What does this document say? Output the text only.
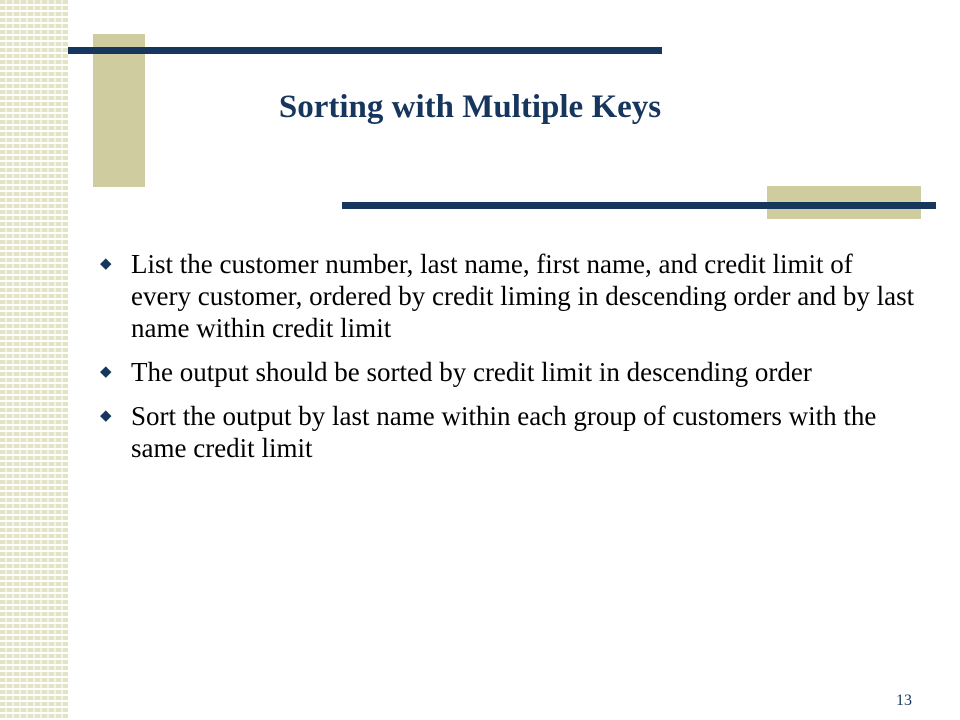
Sorting with Multiple Keys
◆ List the customer number, last name, first name, and credit limit of every customer, ordered by credit liming in descending order and by last name within credit limit
◆ The output should be sorted by credit limit in descending order
◆ Sort the output by last name within each group of customers with the same credit limit
13
